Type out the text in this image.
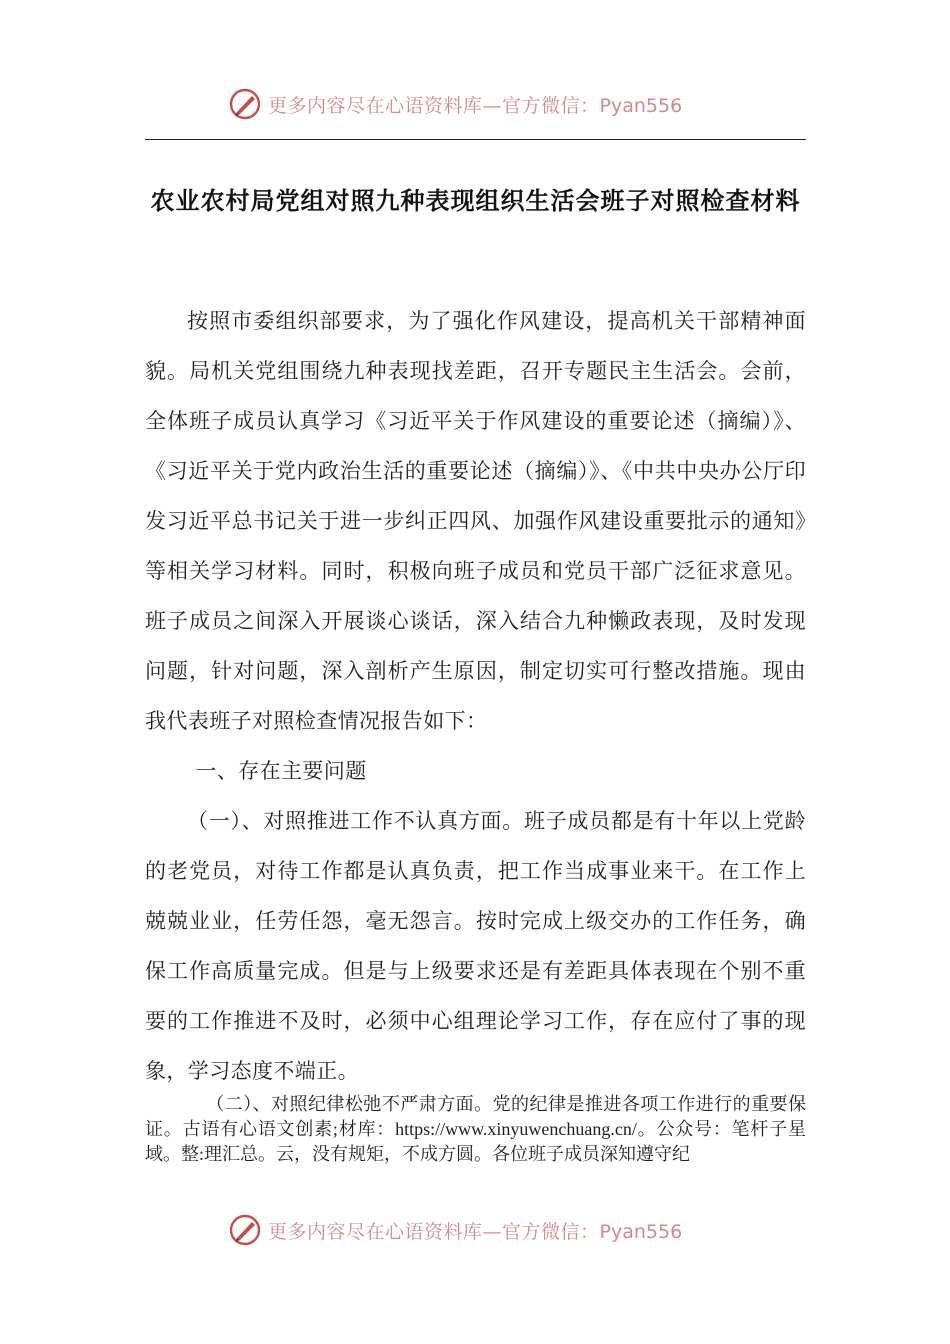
更多内容尽在心语资料库—官方微信：Pyan556
农业农村局党组对照九种表现组织生活会班子对照检查材料

按照市委组织部要求，为了强化作风建设，提高机关干部精神面貌。局机关党组围绕九种表现找差距，召开专题民主生活会。会前，全体班子成员认真学习《习近平关于作风建设的重要论述（摘编）》、《习近平关于党内政治生活的重要论述（摘编）》、《中共中央办公厅印发习近平总书记关于进一步纠正四风、加强作风建设重要批示的通知》等相关学习材料。同时，积极向班子成员和党员干部广泛征求意见。班子成员之间深入开展谈心谈话，深入结合九种懒政表现，及时发现问题，针对问题，深入剖析产生原因，制定切实可行整改措施。现由我代表班子对照检查情况报告如下：

一、存在主要问题

（一）、对照推进工作不认真方面。班子成员都是有十年以上党龄的老党员，对待工作都是认真负责，把工作当成事业来干。在工作上兢兢业业，任劳任怨，毫无怨言。按时完成上级交办的工作任务，确保工作高质量完成。但是与上级要求还是有差距具体表现在个别不重要的工作推进不及时，必须中心组理论学习工作，存在应付了事的现象，学习态度不端正。

（二）、对照纪律松弛不严肃方面。党的纪律是推进各项工作进行的重要保证。古语有心语文创素;材库：https://www.xinyuwenchuang.cn/。公众号：笔杆子星域。整:理汇总。云，没有规矩，不成方圆。各位班子成员深知遵守纪

更多内容尽在心语资料库—官方微信：Pyan556
